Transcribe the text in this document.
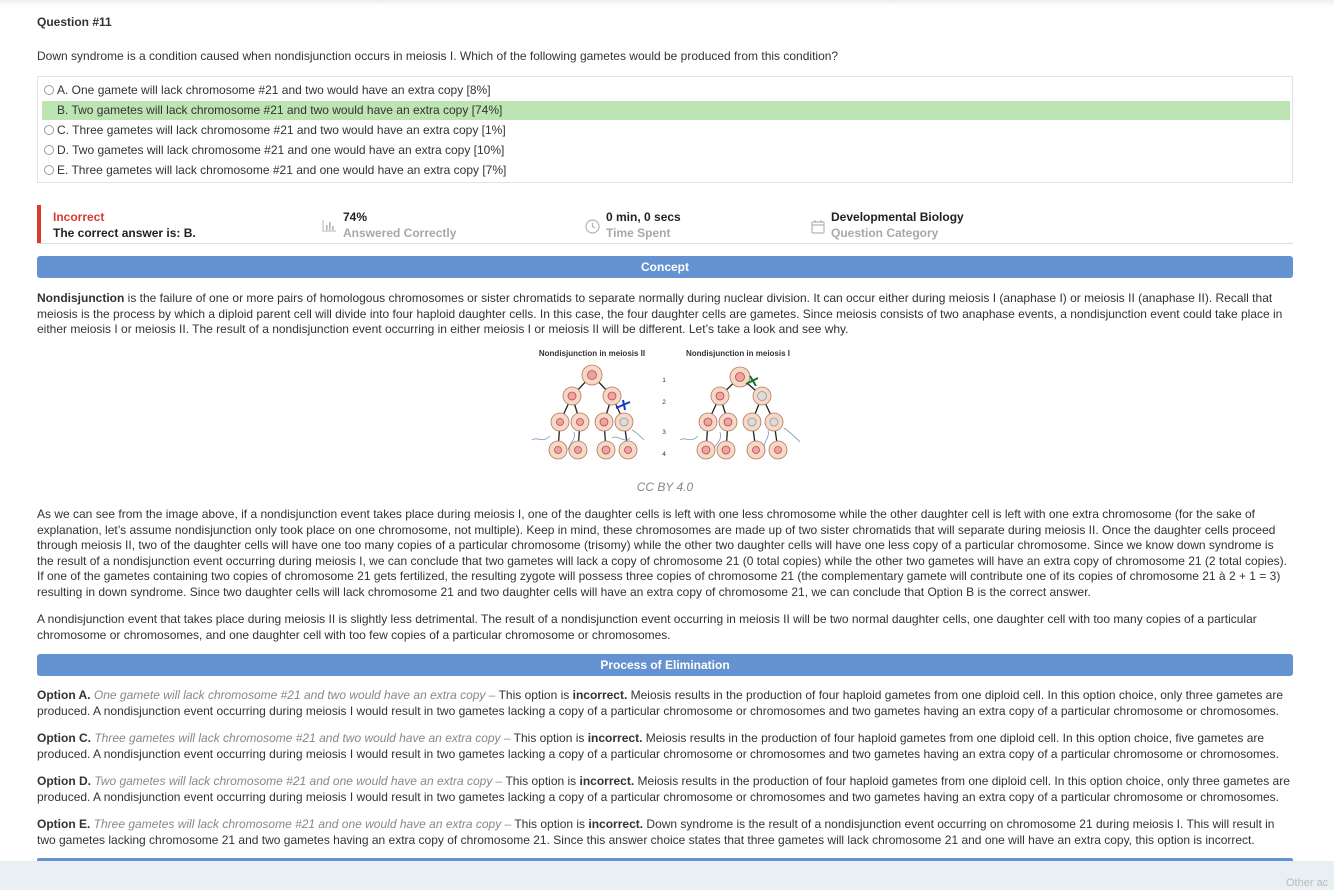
Question #11
Down syndrome is a condition caused when nondisjunction occurs in meiosis I. Which of the following gametes would be produced from this condition?
A. One gamete will lack chromosome #21 and two would have an extra copy [8%]
B. Two gametes will lack chromosome #21 and two would have an extra copy [74%]
C. Three gametes will lack chromosome #21 and two would have an extra copy [1%]
D. Two gametes will lack chromosome #21 and one would have an extra copy [10%]
E. Three gametes will lack chromosome #21 and one would have an extra copy [7%]
Incorrect
The correct answer is: B.
74%
Answered Correctly
0 min, 0 secs
Time Spent
Developmental Biology
Question Category
Concept

Nondisjunction is the failure of one or more pairs of homologous chromosomes or sister chromatids to separate normally during nuclear division. It can occur either during meiosis I (anaphase I) or meiosis II (anaphase II). Recall that meiosis is the process by which a diploid parent cell will divide into four haploid daughter cells. In this case, the four daughter cells are gametes. Since meiosis consists of two anaphase events, a nondisjunction event could take place in either meiosis I or meiosis II. The result of a nondisjunction event occurring in either meiosis I or meiosis II will be different. Let’s take a look and see why.

CC BY 4.0
As we can see from the image above, if a nondisjunction event takes place during meiosis I, one of the daughter cells is left with one less chromosome while the other daughter cell is left with one extra chromosome (for the sake of explanation, let’s assume nondisjunction only took place on one chromosome, not multiple). Keep in mind, these chromosomes are made up of two sister chromatids that will separate during meiosis II. Once the daughter cells proceed through meiosis II, two of the daughter cells will have one too many copies of a particular chromosome (trisomy) while the other two daughter cells will have one less copy of a particular chromosome. Since we know down syndrome is the result of a nondisjunction event occurring during meiosis I, we can conclude that two gametes will lack a copy of chromosome 21 (0 total copies) while the other two gametes will have an extra copy of chromosome 21 (2 total copies). If one of the gametes containing two copies of chromosome 21 gets fertilized, the resulting zygote will possess three copies of chromosome 21 (the complementary gamete will contribute one of its copies of chromosome 21 à 2 + 1 = 3) resulting in down syndrome. Since two daughter cells will lack chromosome 21 and two daughter cells will have an extra copy of chromosome 21, we can conclude that Option B is the correct answer.
A nondisjunction event that takes place during meiosis II is slightly less detrimental. The result of a nondisjunction event occurring in meiosis II will be two normal daughter cells, one daughter cell with too many copies of a particular chromosome or chromosomes, and one daughter cell with too few copies of a particular chromosome or chromosomes.
Process of Elimination
Option A. One gamete will lack chromosome #21 and two would have an extra copy – This option is incorrect. Meiosis results in the production of four haploid gametes from one diploid cell. In this option choice, only three gametes are produced. A nondisjunction event occurring during meiosis I would result in two gametes lacking a copy of a particular chromosome or chromosomes and two gametes having an extra copy of a particular chromosome or chromosomes.
Option C. Three gametes will lack chromosome #21 and two would have an extra copy – This option is incorrect. Meiosis results in the production of four haploid gametes from one diploid cell. In this option choice, five gametes are produced. A nondisjunction event occurring during meiosis I would result in two gametes lacking a copy of a particular chromosome or chromosomes and two gametes having an extra copy of a particular chromosome or chromosomes.
Option D. Two gametes will lack chromosome #21 and one would have an extra copy – This option is incorrect. Meiosis results in the production of four haploid gametes from one diploid cell. In this option choice, only three gametes are produced. A nondisjunction event occurring during meiosis I would result in two gametes lacking a copy of a particular chromosome or chromosomes and two gametes having an extra copy of a particular chromosome or chromosomes.
Option E. Three gametes will lack chromosome #21 and one would have an extra copy – This option is incorrect. Down syndrome is the result of a nondisjunction event occurring on chromosome 21 during meiosis I. This will result in two gametes lacking chromosome 21 and two gametes having an extra copy of chromosome 21. Since this answer choice states that three gametes will lack chromosome 21 and one will have an extra copy, this option is incorrect.
Nondisjunction in meiosis II	Nondisjunction in meiosis I
1
2
3
4
Other ac
